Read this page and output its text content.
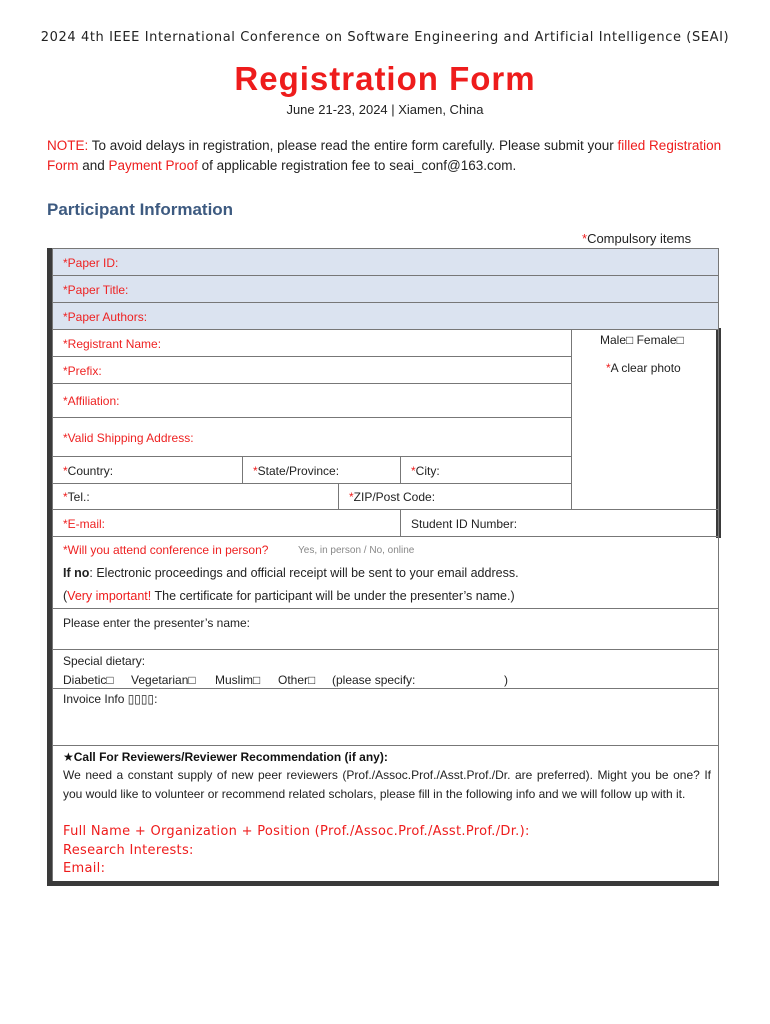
2024 4th IEEE International Conference on Software Engineering and Artificial Intelligence (SEAI)
Registration Form
June 21-23, 2024 | Xiamen, China
NOTE: To avoid delays in registration, please read the entire form carefully. Please submit your filled Registration Form and Payment Proof of applicable registration fee to seai_conf@163.com.
Participant Information
*Compulsory items
*Paper ID:
*Paper Title:
*Paper Authors:
Male□ Female□
*A clear photo
*Registrant Name:
*Prefix:
*Affiliation:
*Valid Shipping Address:
*Country:	*State/Province:	*City:
*Tel.:	*ZIP/Post Code:
*E-mail:	Student ID Number:
*Will you attend conference in person?	Yes, in person / No, online
If no: Electronic proceedings and official receipt will be sent to your email address.
(Very important! The certificate for participant will be under the presenter’s name.)
Please enter the presenter’s name:
Special dietary:
Diabetic□ Vegetarian□ Muslim□ Other□ (please specify:	)
Invoice Info ▯▯▯▯:
★Call For Reviewers/Reviewer Recommendation (if any):
We need a constant supply of new peer reviewers (Prof./Assoc.Prof./Asst.Prof./Dr. are preferred). Might you be one? If you would like to volunteer or recommend related scholars, please fill in the following info and we will follow up with it.
Full Name + Organization + Position (Prof./Assoc.Prof./Asst.Prof./Dr.):
Research Interests:
Email:
